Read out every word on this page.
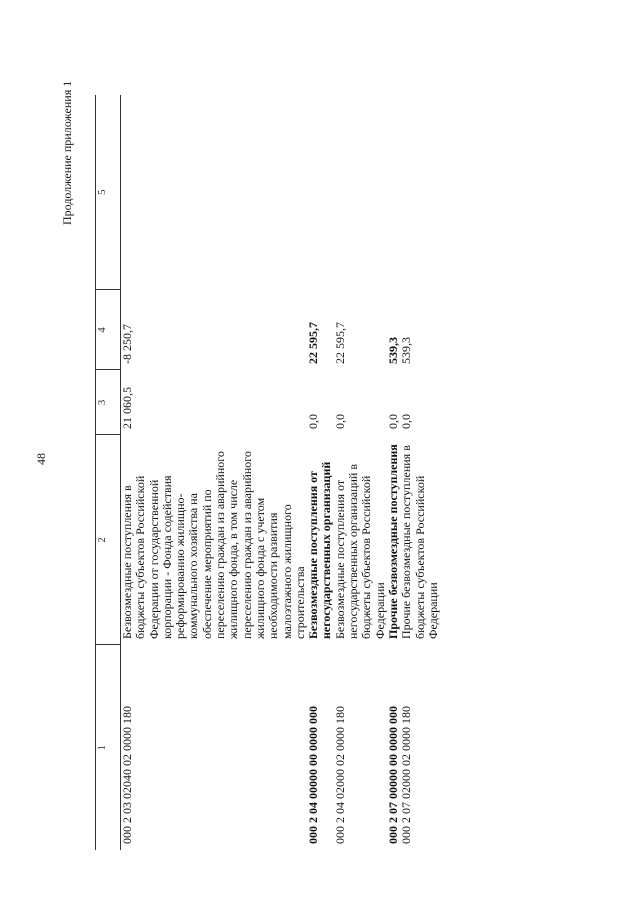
48
Продолжение приложения 1
1	2	3	4	5
000 2 03 02040 02 0000 180	Безвозмездные поступления в бюджеты субъектов Российской Федерации от государственной корпорации - Фонда содействия реформированию жилищно-коммунального хозяйства на обеспечение мероприятий по переселению граждан из аварийного жилищного фонда, в том числе переселению граждан из аварийного жилищного фонда с учетом необходимости развития малоэтажного жилищного строительства	21 060,5	-8 250,7	
000 2 04 00000 00 0000 000	Безвозмездные поступления от негосударственных организаций	0,0	22 595,7	
000 2 04 02000 02 0000 180	Безвозмездные поступления от негосударственных организаций в бюджеты субъектов Российской Федерации	0,0	22 595,7	
000 2 07 00000 00 0000 000	Прочие безвозмездные поступления	0,0	539,3	
000 2 07 02000 02 0000 180	Прочие безвозмездные поступления в бюджеты субъектов Российской Федерации	0,0	539,3	
